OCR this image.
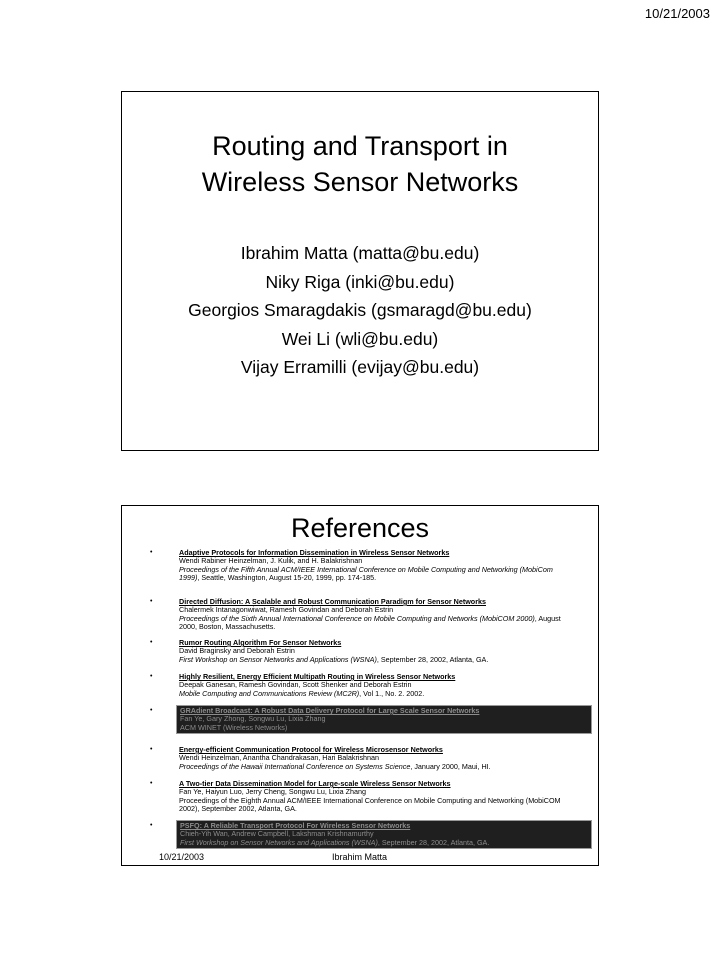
10/21/2003
Routing and Transport in
Wireless Sensor Networks
Ibrahim Matta (matta@bu.edu)
Niky Riga (inki@bu.edu)
Georgios Smaragdakis (gsmaragd@bu.edu)
Wei Li (wli@bu.edu)
Vijay Erramilli (evijay@bu.edu)
References
•	Adaptive Protocols for Information Dissemination in Wireless Sensor Networks
Wendi Rabiner Heinzelman, J. Kulik, and H. Balakrishnan
Proceedings of the Fifth Annual ACM/IEEE International Conference on Mobile Computing and Networking (MobiCom 1999), Seattle, Washington, August 15-20, 1999, pp. 174-185.
•	Directed Diffusion: A Scalable and Robust Communication Paradigm for Sensor Networks
Chalermek Intanagonwiwat, Ramesh Govindan and Deborah Estrin
Proceedings of the Sixth Annual International Conference on Mobile Computing and Networks (MobiCOM 2000), August 2000, Boston, Massachusetts.
•	Rumor Routing Algorithm For Sensor Networks
David Braginsky and Deborah Estrin
First Workshop on Sensor Networks and Applications (WSNA), September 28, 2002, Atlanta, GA.
•	Highly Resilient, Energy Efficient Multipath Routing in Wireless Sensor Networks
Deepak Ganesan, Ramesh Govindan, Scott Shenker and Deborah Estrin
Mobile Computing and Communications Review (MC2R), Vol 1., No. 2. 2002.
•	GRAdient Broadcast: A Robust Data Delivery Protocol for Large Scale Sensor Networks
Fan Ye, Gary Zhong, Songwu Lu, Lixia Zhang
ACM WINET (Wireless Networks)
•	Energy-efficient Communication Protocol for Wireless Microsensor Networks
Wendi Heinzelman, Anantha Chandrakasan, Hari Balakrishnan
Proceedings of the Hawaii International Conference on Systems Science, January 2000, Maui, HI.
•	A Two-tier Data Dissemination Model for Large-scale Wireless Sensor Networks
Fan Ye, Haiyun Luo, Jerry Cheng, Songwu Lu, Lixia Zhang
Proceedings of the Eighth Annual ACM/IEEE International Conference on Mobile Computing and Networking (MobiCOM 2002), September 2002, Atlanta, GA.
•	PSFQ: A Reliable Transport Protocol For Wireless Sensor Networks
Chieh-Yih Wan, Andrew Campbell, Lakshman Krishnamurthy
First Workshop on Sensor Networks and Applications (WSNA), September 28, 2002, Atlanta, GA.
10/21/2003	Ibrahim Matta
